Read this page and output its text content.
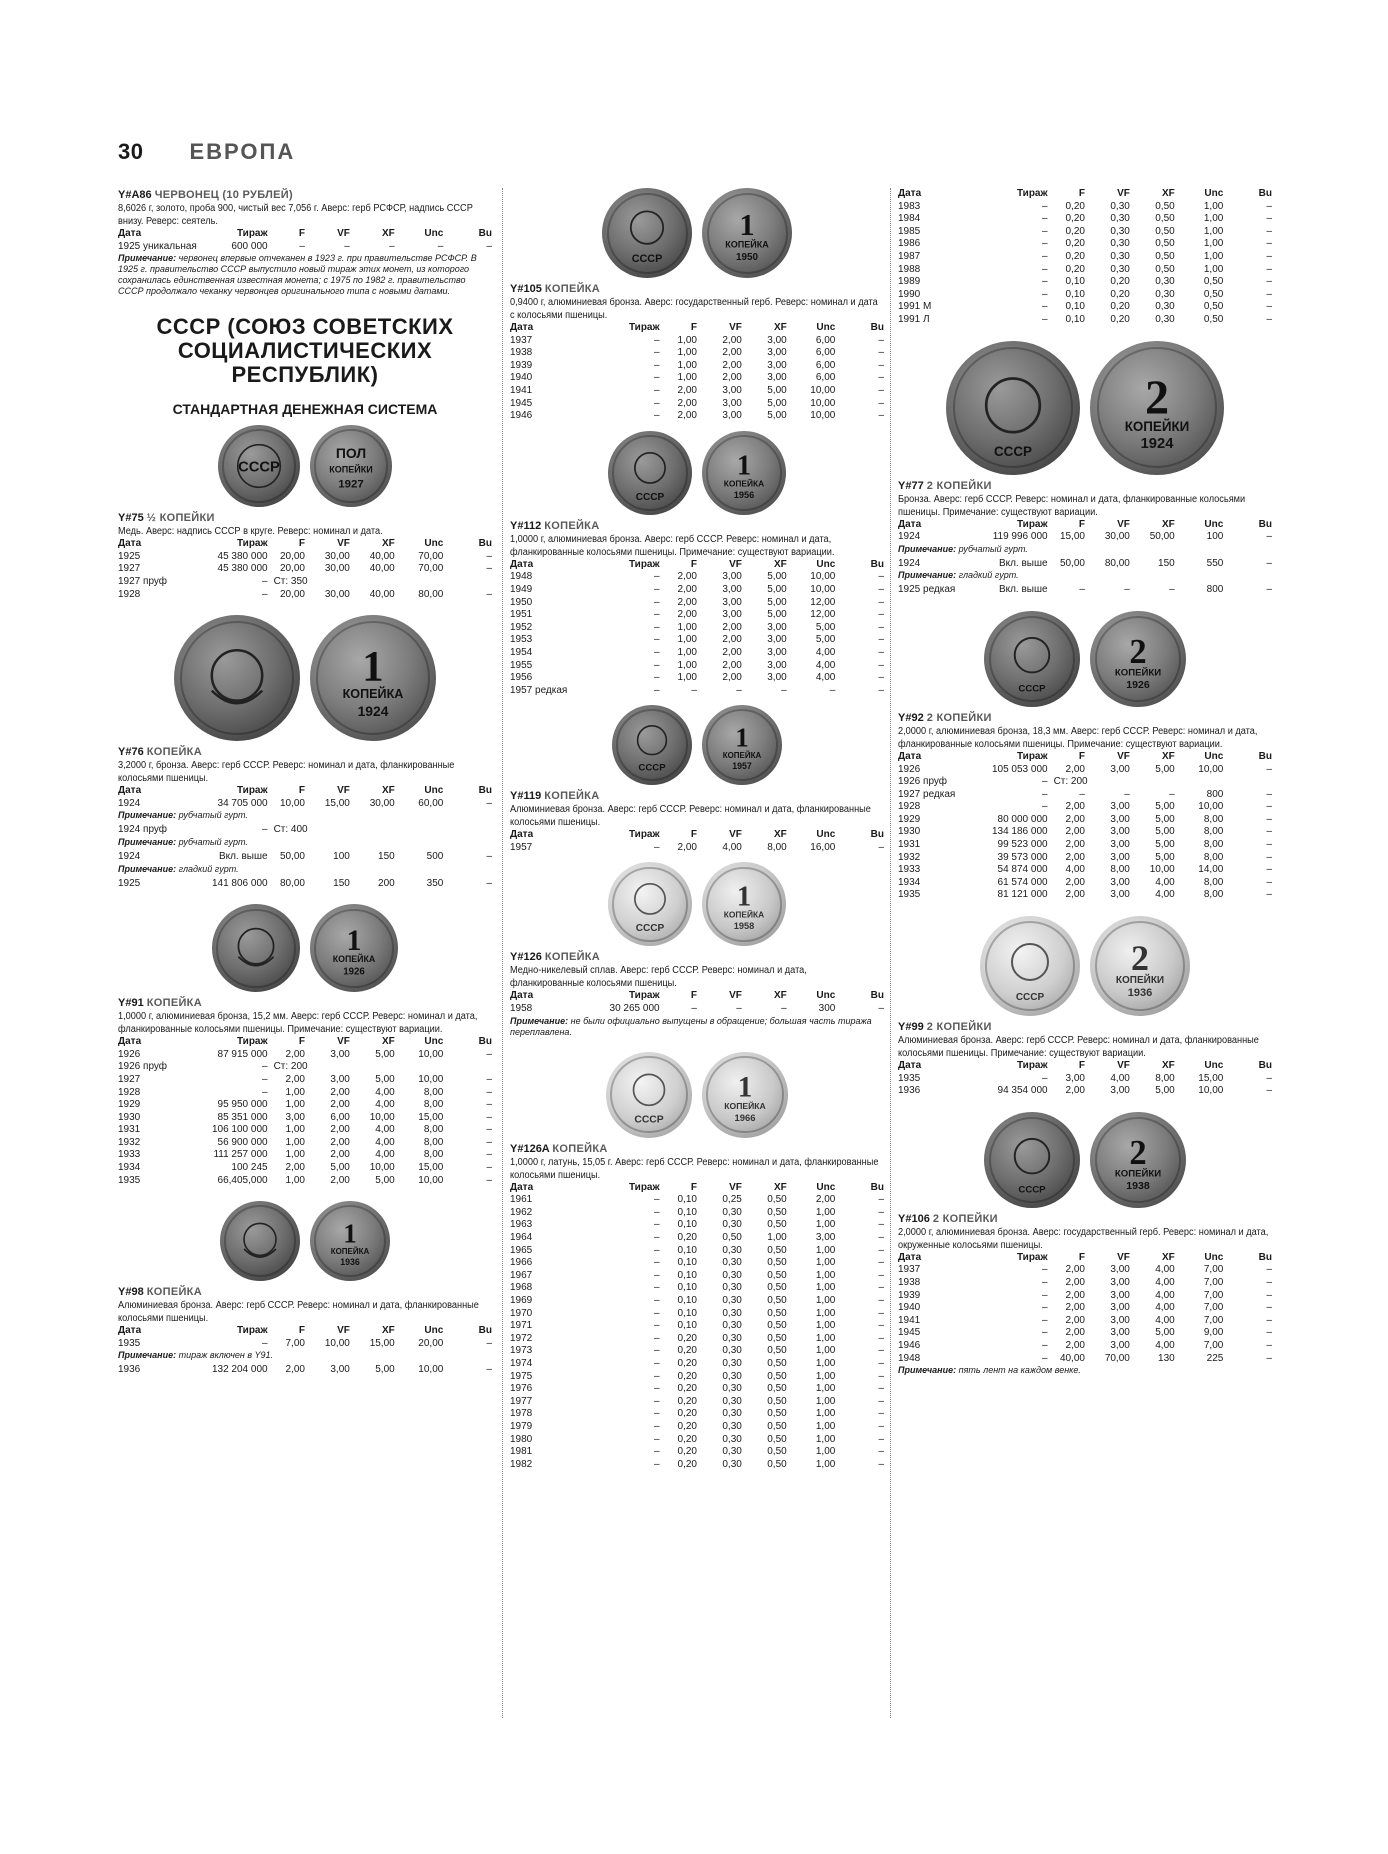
30 ЕВРОПА
Y#A86 ЧЕРВОНЕЦ (10 РУБЛЕЙ)
8,6026 г, золото, проба 900, чистый вес 7,056 г. Аверс: герб РСФСР, надпись СССР внизу. Реверс: сеятель.
Дата	Тираж	F	VF	XF	Unc	Bu
1925 уникальная	600 000	–	–	–	–	–
Примечание: червонец впервые отчеканен в 1923 г. при правительстве РСФСР. В 1925 г. правительство СССР выпустило новый тираж этих монет, из которого сохранилась единственная известная монета; с 1975 по 1982 г. правительство СССР продолжало чеканку червонцев оригинального типа с новыми датами.
СССР (СОЮЗ СОВЕТСКИХ
СОЦИАЛИСТИЧЕСКИХ
РЕСПУБЛИК)
СТАНДАРТНАЯ ДЕНЕЖНАЯ СИСТЕМА
СССР
ПОЛ
КОПЕЙКИ
1927
Y#75 ½ КОПЕЙКИ
Медь. Аверс: надпись СССР в круге. Реверс: номинал и дата.
Дата	Тираж	F	VF	XF	Unc	Bu
1925	45 380 000	20,00	30,00	40,00	70,00	–
1927	45 380 000	20,00	30,00	40,00	70,00	–
1927 пруф	–	Ст: 350				
1928	–	20,00	30,00	40,00	80,00	–
1
КОПЕЙКА
1924
Y#76 КОПЕЙКА
3,2000 г, бронза. Аверс: герб СССР. Реверс: номинал и дата, фланкированные колосьями пшеницы.
Дата	Тираж	F	VF	XF	Unc	Bu
1924	34 705 000	10,00	15,00	30,00	60,00	–
Примечание: рубчатый гурт.						
1924 пруф	–	Ст: 400				
Примечание: рубчатый гурт.						
1924	Вкл. выше	50,00	100	150	500	–
Примечание: гладкий гурт.						
1925	141 806 000	80,00	150	200	350	–
1
КОПЕЙКА
1926
Y#91 КОПЕЙКА
1,0000 г, алюминиевая бронза, 15,2 мм. Аверс: герб СССР. Реверс: номинал и дата, фланкированные колосьями пшеницы. Примечание: существуют вариации.
Дата	Тираж	F	VF	XF	Unc	Bu
1926	87 915 000	2,00	3,00	5,00	10,00	–
1926 пруф	–	Ст: 200				
1927	–	2,00	3,00	5,00	10,00	–
1928	–	1,00	2,00	4,00	8,00	–
1929	95 950 000	1,00	2,00	4,00	8,00	–
1930	85 351 000	3,00	6,00	10,00	15,00	–
1931	106 100 000	1,00	2,00	4,00	8,00	–
1932	56 900 000	1,00	2,00	4,00	8,00	–
1933	111 257 000	1,00	2,00	4,00	8,00	–
1934	100 245	2,00	5,00	10,00	15,00	–
1935	66,405,000	1,00	2,00	5,00	10,00	–
1
КОПЕЙКА
1936
Y#98 КОПЕЙКА
Алюминиевая бронза. Аверс: герб СССР. Реверс: номинал и дата, фланкированные колосьями пшеницы.
Дата	Тираж	F	VF	XF	Unc	Bu
1935	–	7,00	10,00	15,00	20,00	–
Примечание: тираж включен в Y91.						
1936	132 204 000	2,00	3,00	5,00	10,00	–
СССР
1
КОПЕЙКА
1950
Y#105 КОПЕЙКА
0,9400 г, алюминиевая бронза. Аверс: государственный герб. Реверс: номинал и дата с колосьями пшеницы.
Дата	Тираж	F	VF	XF	Unc	Bu
1937	–	1,00	2,00	3,00	6,00	–
1938	–	1,00	2,00	3,00	6,00	–
1939	–	1,00	2,00	3,00	6,00	–
1940	–	1,00	2,00	3,00	6,00	–
1941	–	2,00	3,00	5,00	10,00	–
1945	–	2,00	3,00	5,00	10,00	–
1946	–	2,00	3,00	5,00	10,00	–
СССР
1
КОПЕЙКА
1956
Y#112 КОПЕЙКА
1,0000 г, алюминиевая бронза. Аверс: герб СССР. Реверс: номинал и дата, фланкированные колосьями пшеницы. Примечание: существуют вариации.
Дата	Тираж	F	VF	XF	Unc	Bu
1948	–	2,00	3,00	5,00	10,00	–
1949	–	2,00	3,00	5,00	10,00	–
1950	–	2,00	3,00	5,00	12,00	–
1951	–	2,00	3,00	5,00	12,00	–
1952	–	1,00	2,00	3,00	5,00	–
1953	–	1,00	2,00	3,00	5,00	–
1954	–	1,00	2,00	3,00	4,00	–
1955	–	1,00	2,00	3,00	4,00	–
1956	–	1,00	2,00	3,00	4,00	–
1957 редкая	–	–	–	–	–	–
СССР
1
КОПЕЙКА
1957
Y#119 КОПЕЙКА
Алюминиевая бронза. Аверс: герб СССР. Реверс: номинал и дата, фланкированные колосьями пшеницы.
Дата	Тираж	F	VF	XF	Unc	Bu
1957	–	2,00	4,00	8,00	16,00	–
СССР
1
КОПЕЙКА
1958
Y#126 КОПЕЙКА
Медно-никелевый сплав. Аверс: герб СССР. Реверс: номинал и дата, фланкированные колосьями пшеницы.
Дата	Тираж	F	VF	XF	Unc	Bu
1958	30 265 000	–	–	–	300	–
Примечание: не были официально выпущены в обращение; большая часть тиража переплавлена.
СССР
1
КОПЕЙКА
1966
Y#126A КОПЕЙКА
1,0000 г, латунь, 15,05 г. Аверс: герб СССР. Реверс: номинал и дата, фланкированные колосьями пшеницы.
Дата	Тираж	F	VF	XF	Unc	Bu
1961	–	0,10	0,25	0,50	2,00	–
1962	–	0,10	0,30	0,50	1,00	–
1963	–	0,10	0,30	0,50	1,00	–
1964	–	0,20	0,50	1,00	3,00	–
1965	–	0,10	0,30	0,50	1,00	–
1966	–	0,10	0,30	0,50	1,00	–
1967	–	0,10	0,30	0,50	1,00	–
1968	–	0,10	0,30	0,50	1,00	–
1969	–	0,10	0,30	0,50	1,00	–
1970	–	0,10	0,30	0,50	1,00	–
1971	–	0,10	0,30	0,50	1,00	–
1972	–	0,20	0,30	0,50	1,00	–
1973	–	0,20	0,30	0,50	1,00	–
1974	–	0,20	0,30	0,50	1,00	–
1975	–	0,20	0,30	0,50	1,00	–
1976	–	0,20	0,30	0,50	1,00	–
1977	–	0,20	0,30	0,50	1,00	–
1978	–	0,20	0,30	0,50	1,00	–
1979	–	0,20	0,30	0,50	1,00	–
1980	–	0,20	0,30	0,50	1,00	–
1981	–	0,20	0,30	0,50	1,00	–
1982	–	0,20	0,30	0,50	1,00	–
Дата	Тираж	F	VF	XF	Unc	Bu
1983	–	0,20	0,30	0,50	1,00	–
1984	–	0,20	0,30	0,50	1,00	–
1985	–	0,20	0,30	0,50	1,00	–
1986	–	0,20	0,30	0,50	1,00	–
1987	–	0,20	0,30	0,50	1,00	–
1988	–	0,20	0,30	0,50	1,00	–
1989	–	0,10	0,20	0,30	0,50	–
1990	–	0,10	0,20	0,30	0,50	–
1991 М	–	0,10	0,20	0,30	0,50	–
1991 Л	–	0,10	0,20	0,30	0,50	–
СССР
2
КОПЕЙКИ
1924
Y#77 2 КОПЕЙКИ
Бронза. Аверс: герб СССР. Реверс: номинал и дата, фланкированные колосьями пшеницы. Примечание: существуют вариации.
Дата	Тираж	F	VF	XF	Unc	Bu
1924	119 996 000	15,00	30,00	50,00	100	–
Примечание: рубчатый гурт.						
1924	Вкл. выше	50,00	80,00	150	550	–
Примечание: гладкий гурт.						
1925 редкая	Вкл. выше	–	–	–	800	–
СССР
2
КОПЕЙКИ
1926
Y#92 2 КОПЕЙКИ
2,0000 г, алюминиевая бронза, 18,3 мм. Аверс: герб СССР. Реверс: номинал и дата, фланкированные колосьями пшеницы. Примечание: существуют вариации.
Дата	Тираж	F	VF	XF	Unc	Bu
1926	105 053 000	2,00	3,00	5,00	10,00	–
1926 пруф	–	Ст: 200				
1927 редкая	–	–	–	–	800	–
1928	–	2,00	3,00	5,00	10,00	–
1929	80 000 000	2,00	3,00	5,00	8,00	–
1930	134 186 000	2,00	3,00	5,00	8,00	–
1931	99 523 000	2,00	3,00	5,00	8,00	–
1932	39 573 000	2,00	3,00	5,00	8,00	–
1933	54 874 000	4,00	8,00	10,00	14,00	–
1934	61 574 000	2,00	3,00	4,00	8,00	–
1935	81 121 000	2,00	3,00	4,00	8,00	–
СССР
2
КОПЕЙКИ
1936
Y#99 2 КОПЕЙКИ
Алюминиевая бронза. Аверс: герб СССР. Реверс: номинал и дата, фланкированные колосьями пшеницы. Примечание: существуют вариации.
Дата	Тираж	F	VF	XF	Unc	Bu
1935	–	3,00	4,00	8,00	15,00	–
1936	94 354 000	2,00	3,00	5,00	10,00	–
СССР
2
КОПЕЙКИ
1938
Y#106 2 КОПЕЙКИ
2,0000 г, алюминиевая бронза. Аверс: государственный герб. Реверс: номинал и дата, окруженные колосьями пшеницы.
Дата	Тираж	F	VF	XF	Unc	Bu
1937	–	2,00	3,00	4,00	7,00	–
1938	–	2,00	3,00	4,00	7,00	–
1939	–	2,00	3,00	4,00	7,00	–
1940	–	2,00	3,00	4,00	7,00	–
1941	–	2,00	3,00	4,00	7,00	–
1945	–	2,00	3,00	5,00	9,00	–
1946	–	2,00	3,00	4,00	7,00	–
1948	–	40,00	70,00	130	225	–
Примечание: пять лент на каждом венке.
